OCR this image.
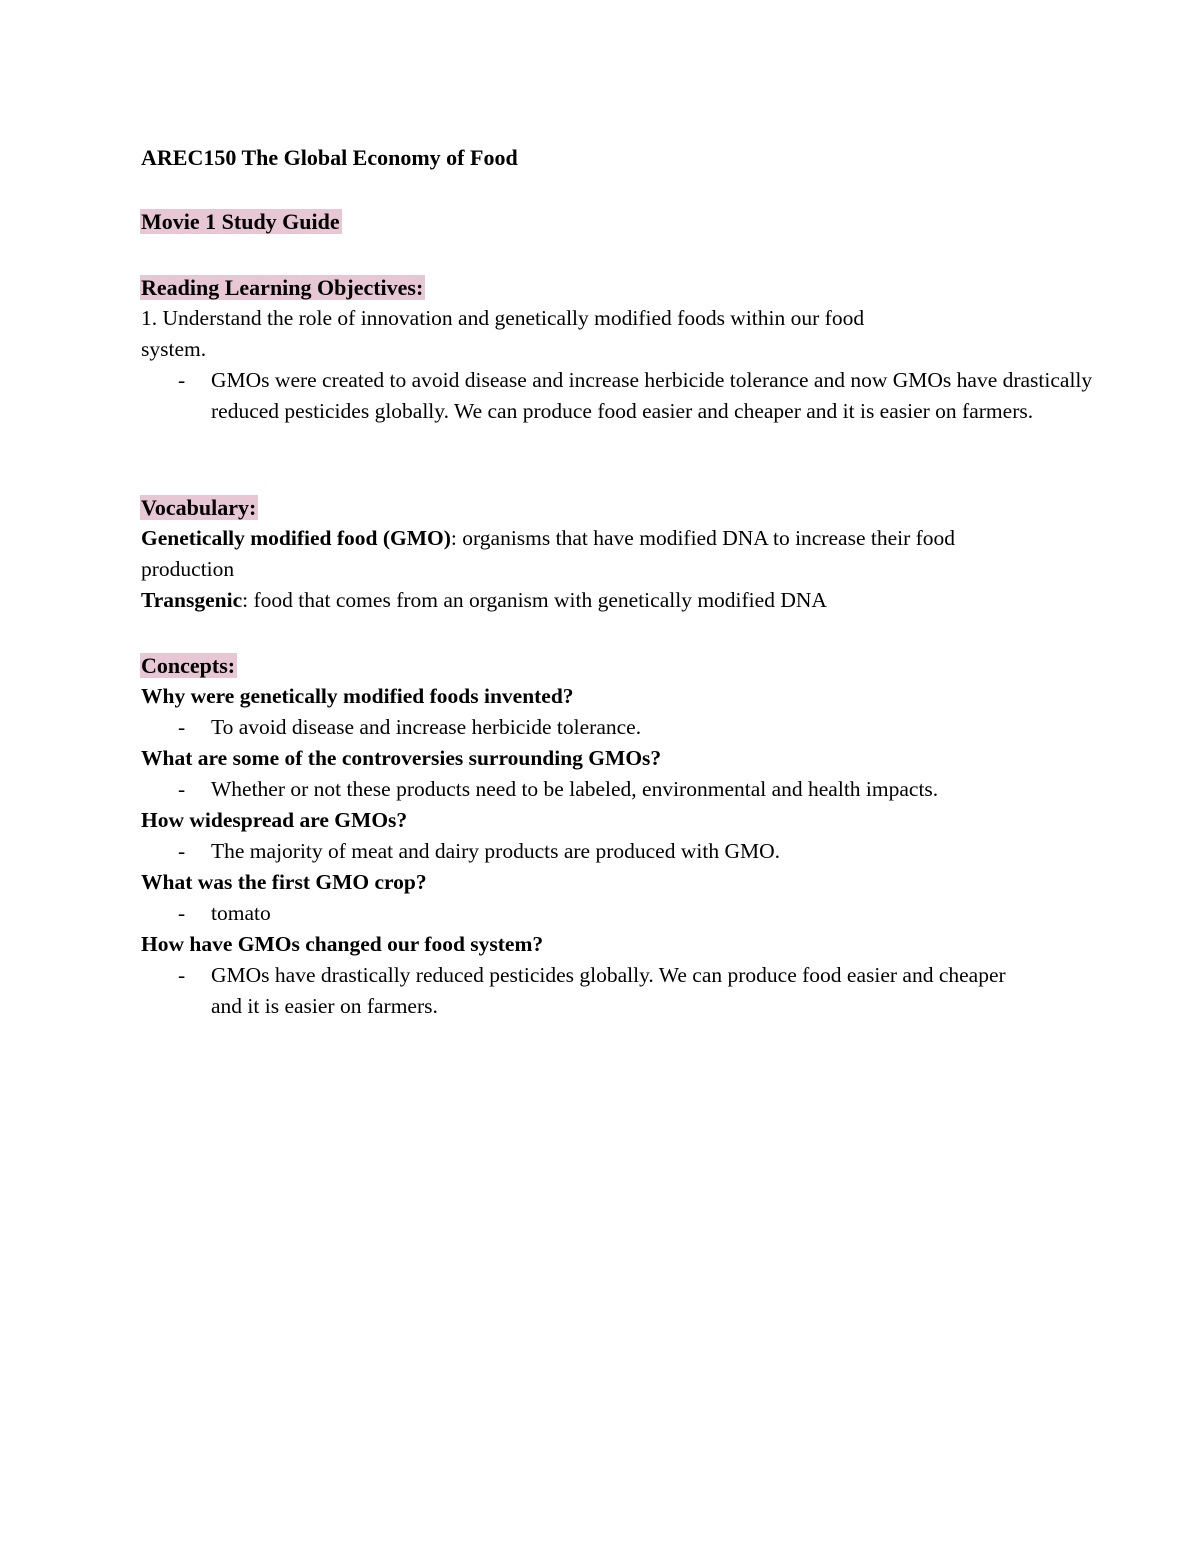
AREC150 The Global Economy of Food
Movie 1 Study Guide
Reading Learning Objectives:
1. Understand the role of innovation and genetically modified foods within our food
system.
- GMOs were created to avoid disease and increase herbicide tolerance and now GMOs have drastically reduced pesticides globally. We can produce food easier and cheaper and it is easier on farmers.
Vocabulary:
Genetically modified food (GMO): organisms that have modified DNA to increase their food production
Transgenic: food that comes from an organism with genetically modified DNA
Concepts:
Why were genetically modified foods invented?
- To avoid disease and increase herbicide tolerance.
What are some of the controversies surrounding GMOs?
- Whether or not these products need to be labeled, environmental and health impacts.
How widespread are GMOs?
- The majority of meat and dairy products are produced with GMO.
What was the first GMO crop?
- tomato
How have GMOs changed our food system?
- GMOs have drastically reduced pesticides globally. We can produce food easier and cheaper and it is easier on farmers.
